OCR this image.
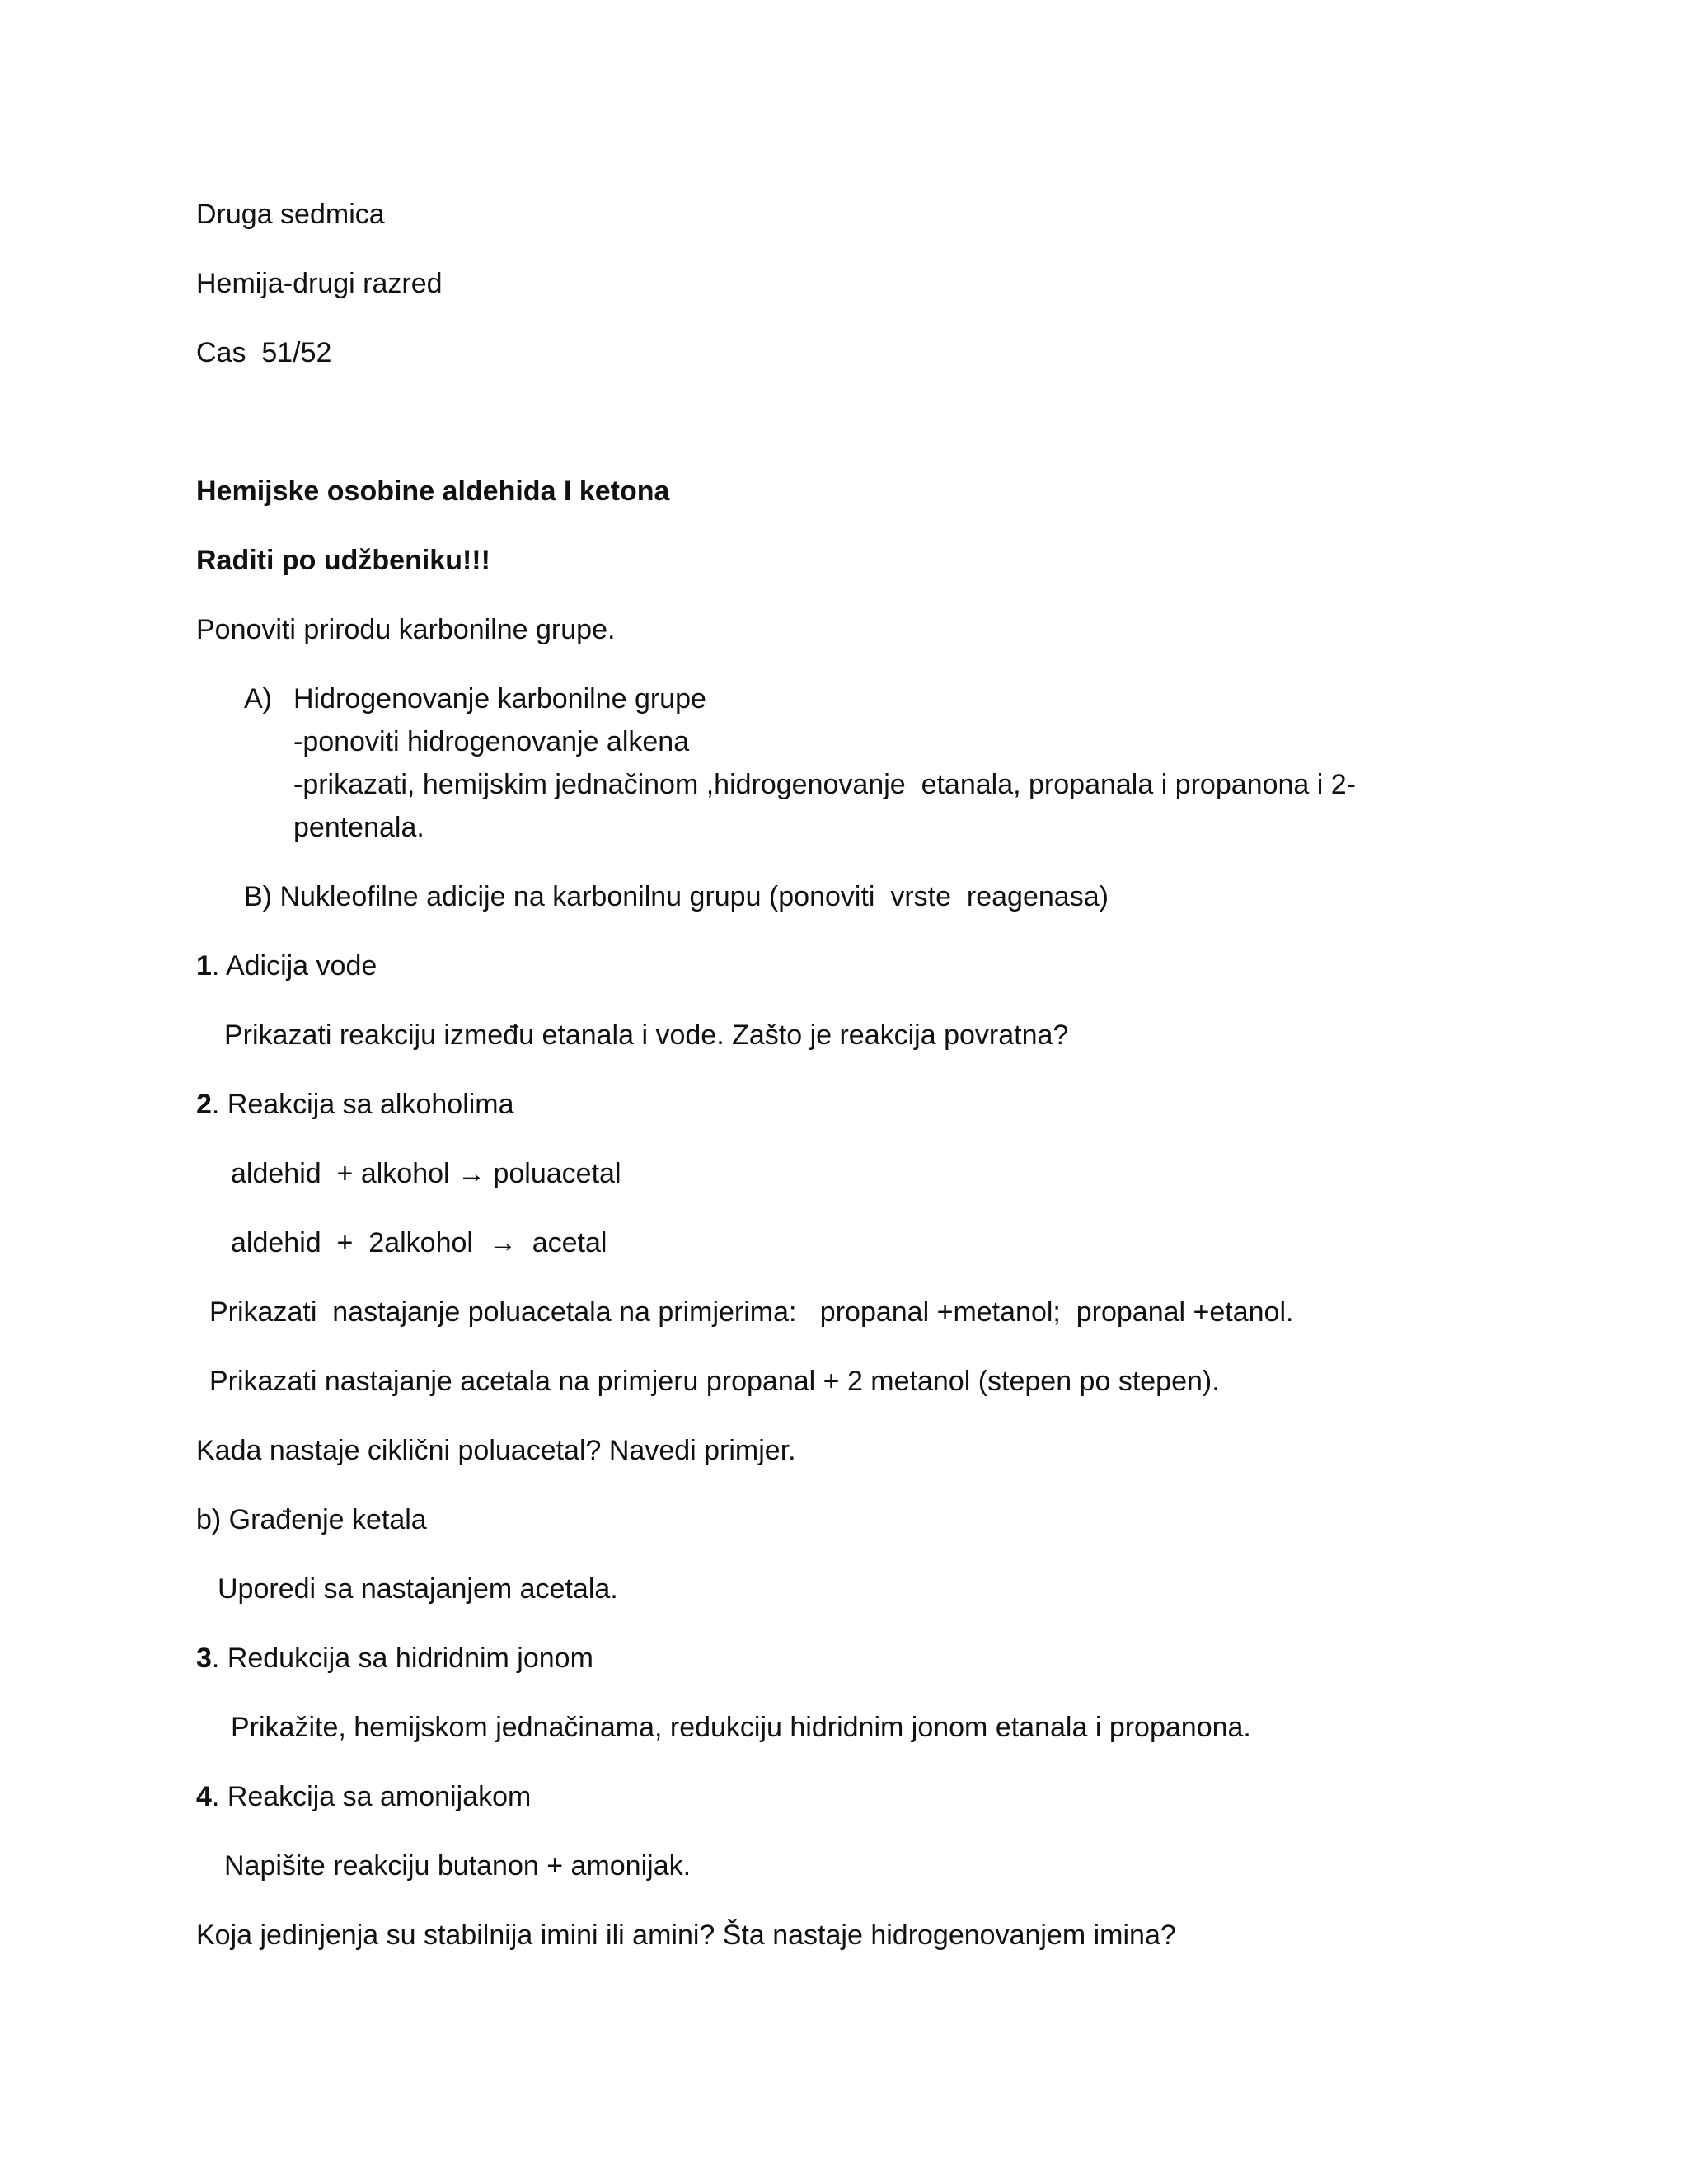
Druga sedmica

Hemija-drugi razred

Cas  51/52

Hemijske osobine aldehida I ketona

Raditi po udžbeniku!!!

Ponoviti prirodu karbonilne grupe.

A) Hidrogenovanje karbonilne grupe

-ponoviti hidrogenovanje alkena

-prikazati, hemijskim jednačinom ,hidrogenovanje  etanala, propanala i propanona i 2-

pentenala.

B) Nukleofilne adicije na karbonilnu grupu (ponoviti  vrste  reagenasa)

1. Adicija vode

Prikazati reakciju između etanala i vode. Zašto je reakcija povratna?

2. Reakcija sa alkoholima

aldehid  + alkohol → poluacetal

aldehid  +  2alkohol  →  acetal

Prikazati  nastajanje poluacetala na primjerima:   propanal +metanol;  propanal +etanol.

Prikazati nastajanje acetala na primjeru propanal + 2 metanol (stepen po stepen).

Kada nastaje ciklični poluacetal? Navedi primjer.

b) Građenje ketala

Uporedi sa nastajanjem acetala.

3. Redukcija sa hidridnim jonom

Prikažite, hemijskom jednačinama, redukciju hidridnim jonom etanala i propanona.

4. Reakcija sa amonijakom

Napišite reakciju butanon + amonijak.

Koja jedinjenja su stabilnija imini ili amini? Šta nastaje hidrogenovanjem imina?
